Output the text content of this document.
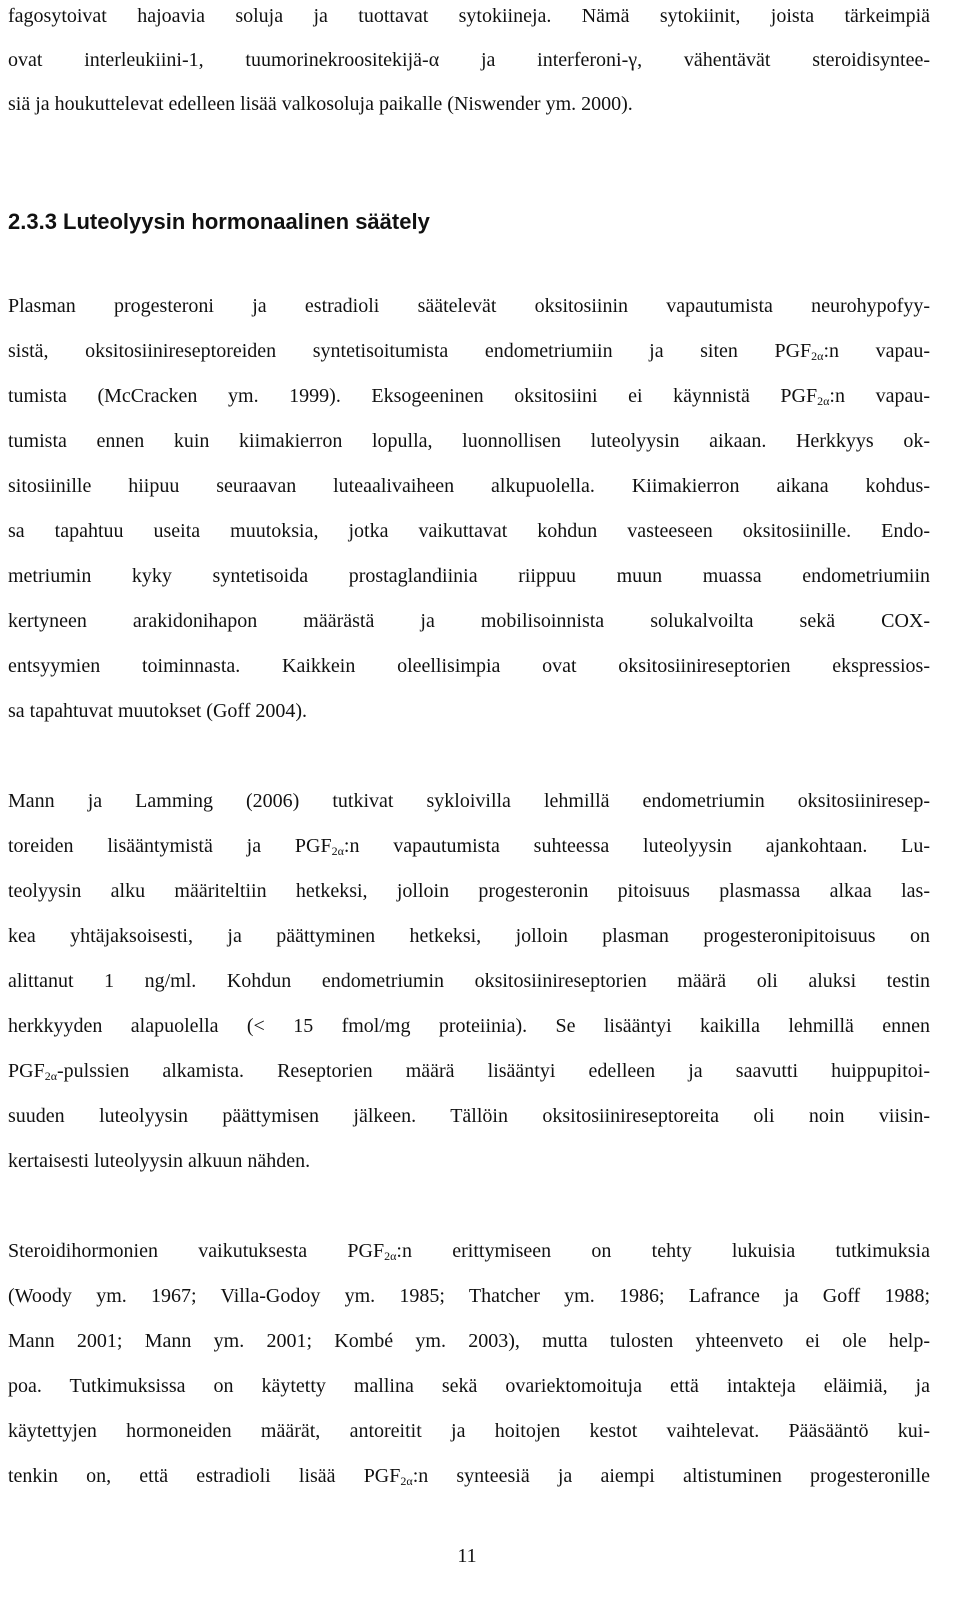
fagosytoivat hajoavia soluja ja tuottavat sytokiineja. Nämä sytokiinit, joista tärkeimpiä
ovat interleukiini-1, tuumorinekroositekijä-α ja interferoni-γ, vähentävät steroidisyntee-
siä ja houkuttelevat edelleen lisää valkosoluja paikalle (Niswender ym. 2000).
2.3.3 Luteolyysin hormonaalinen säätely
Plasman progesteroni ja estradioli säätelevät oksitosiinin vapautumista neurohypofyy-
sistä, oksitosiinireseptoreiden syntetisoitumista endometriumiin ja siten $PGF_{2\alpha}:n$ vapau-
tumista (McCracken ym. 1999). Eksogeeninen oksitosiini ei käynnistä $PGF_{2\alpha}:n$ vapau-
tumista ennen kuin kiimakierron lopulla, luonnollisen luteolyysin aikaan. Herkkyys ok-
sitosiinille hiipuu seuraavan luteaalivaiheen alkupuolella. Kiimakierron aikana kohdus-
sa tapahtuu useita muutoksia, jotka vaikuttavat kohdun vasteeseen oksitosiinille. Endo-
metriumin kyky syntetisoida prostaglandiinia riippuu muun muassa endometriumiin
kertyneen arakidonihapon määrästä ja mobilisoinnista solukalvoilta sekä COX-
entsyymien toiminnasta. Kaikkein oleellisimpia ovat oksitosiinireseptorien ekspressios-
sa tapahtuvat muutokset (Goff 2004).
Mann ja Lamming (2006) tutkivat sykloivilla lehmillä endometriumin oksitosiiniresep-
toreiden lisääntymistä ja $PGF_{2\alpha}:n$ vapautumista suhteessa luteolyysin ajankohtaan. Lu-
teolyysin alku määriteltiin hetkeksi, jolloin progesteronin pitoisuus plasmassa alkaa las-
kea yhtäjaksoisesti, ja päättyminen hetkeksi, jolloin plasman progesteronipitoisuus on
alittanut 1 ng/ml. Kohdun endometriumin oksitosiinireseptorien määrä oli aluksi testin
herkkyyden alapuolella (< 15 fmol/mg proteiinia). Se lisääntyi kaikilla lehmillä ennen
$PGF_{2\alpha}$-pulssien alkamista. Reseptorien määrä lisääntyi edelleen ja saavutti huippupitoi-
suuden luteolyysin päättymisen jälkeen. Tällöin oksitosiinireseptoreita oli noin viisin-
kertaisesti luteolyysin alkuun nähden.
Steroidihormonien vaikutuksesta $PGF_{2\alpha}:n$ erittymiseen on tehty lukuisia tutkimuksia
(Woody ym. 1967; Villa-Godoy ym. 1985; Thatcher ym. 1986; Lafrance ja Goff 1988;
Mann 2001; Mann ym. 2001; Kombé ym. 2003), mutta tulosten yhteenveto ei ole help-
poa. Tutkimuksissa on käytetty mallina sekä ovariektomoituja että intakteja eläimiä, ja
käytettyjen hormoneiden määrät, antoreitit ja hoitojen kestot vaihtelevat. Pääsääntö kui-
tenkin on, että estradioli lisää $PGF_{2\alpha}:n$ synteesiä ja aiempi altistuminen progesteronille
11
